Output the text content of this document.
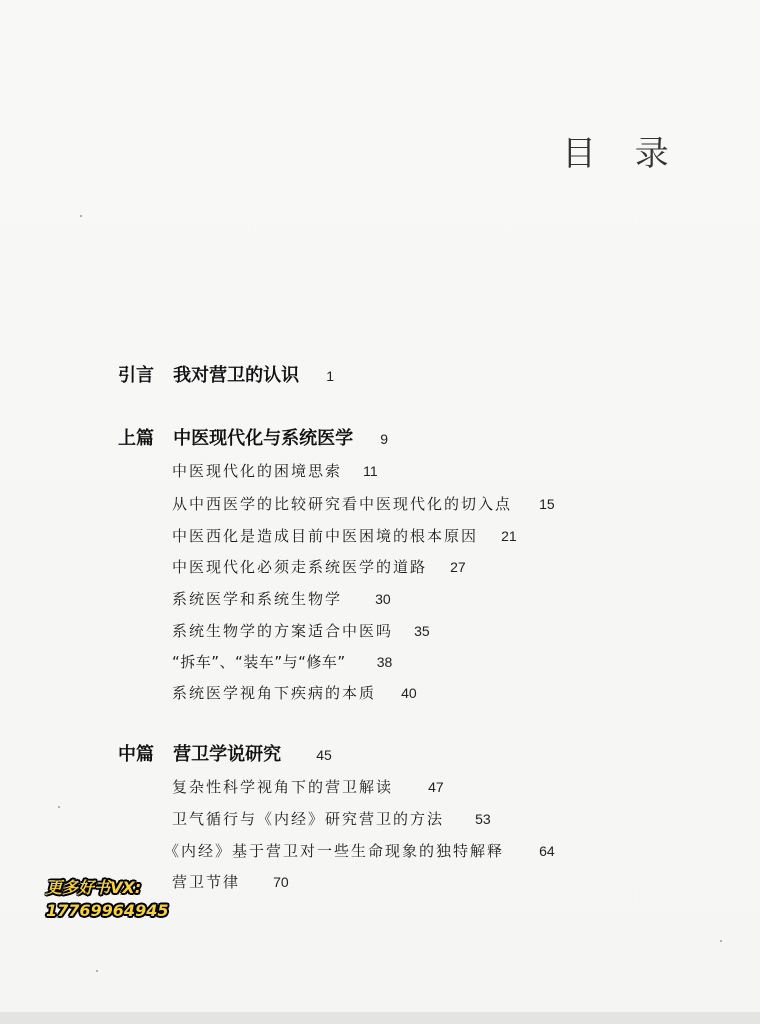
目 录
引言 我对营卫的认识 1
上篇 中医现代化与系统医学 9
中医现代化的困境思索 11
从中西医学的比较研究看中医现代化的切入点 15
中医西化是造成目前中医困境的根本原因 21
中医现代化必须走系统医学的道路 27
系统医学和系统生物学 30
系统生物学的方案适合中医吗 35
“拆车”、“装车”与“修车” 38
系统医学视角下疾病的本质 40
中篇 营卫学说研究	45
复杂性科学视角下的营卫解读	47
卫气循行与《内经》研究营卫的方法 53
《内经》基于营卫对一些生命现象的独特解释	64
营卫节律 70
更多好书VX:
17769964945
